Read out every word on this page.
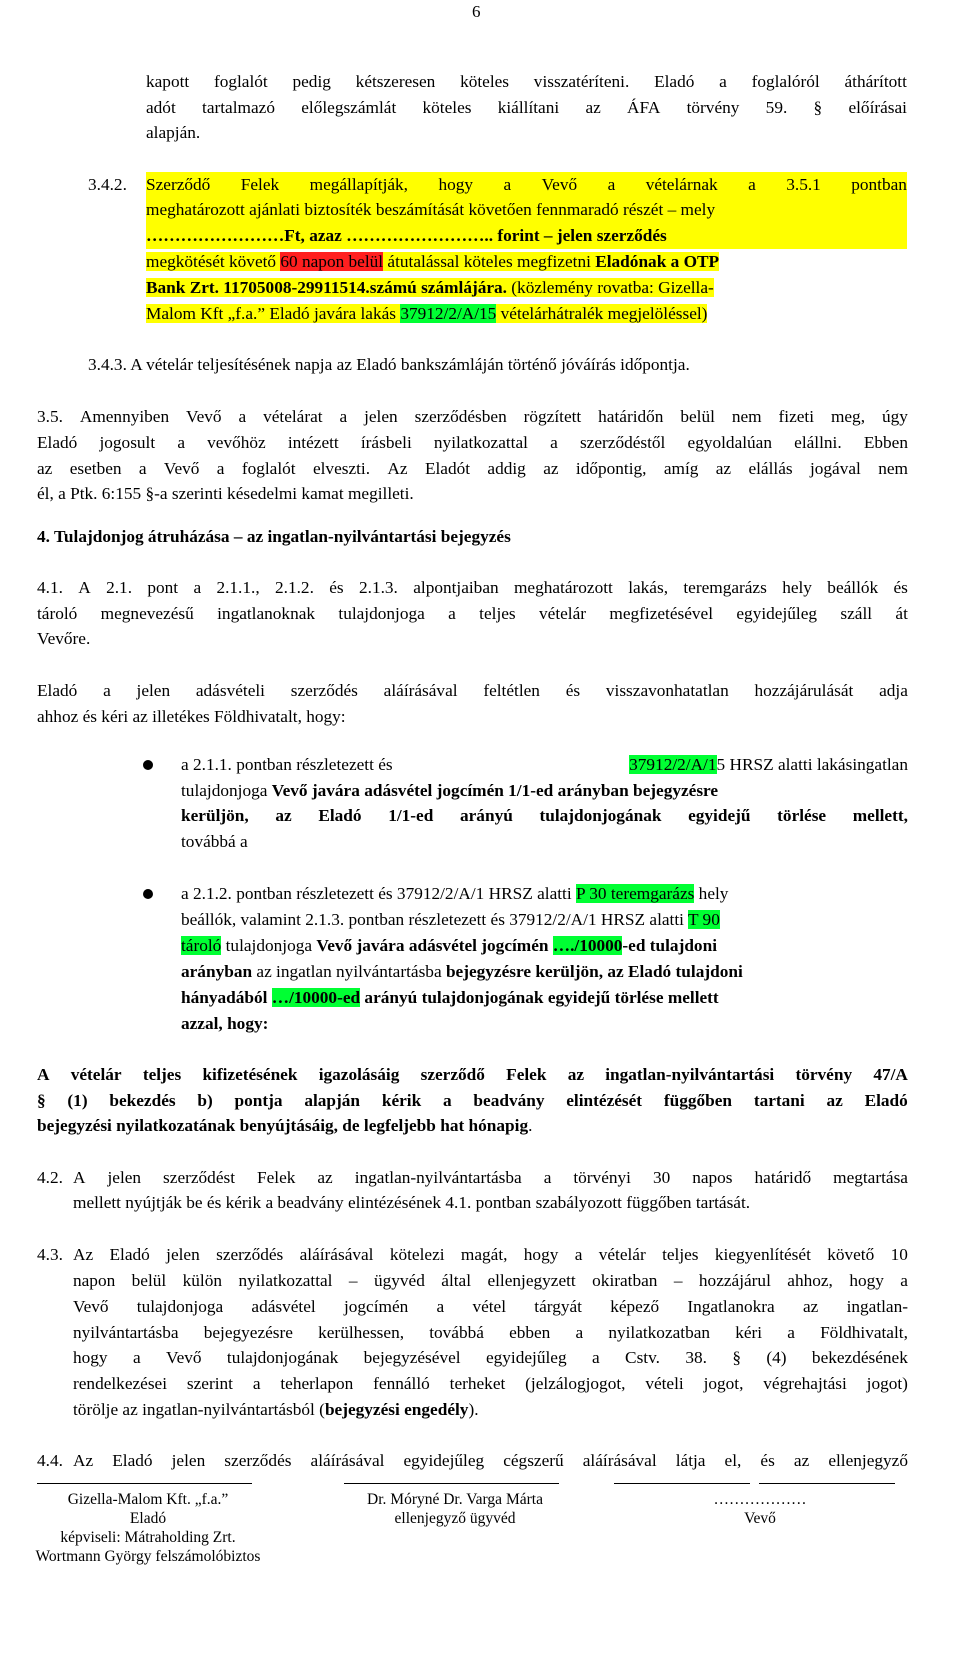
6
kapott foglalót pedig kétszeresen köteles visszatéríteni. Eladó a foglalóról áthárított
adót tartalmazó előlegszámlát köteles kiállítani az ÁFA törvény 59. § előírásai
alapján.
3.4.2. Szerződő Felek megállapítják, hogy a Vevő a vételárnak a 3.5.1 pontban
meghatározott ajánlati biztosíték beszámítását követően fennmaradó részét – mely
……………………Ft, azaz …………………….. forint – jelen szerződés
megkötését követő 60 napon belül átutalással köteles megfizetni Eladónak a OTP
Bank Zrt. 11705008-29911514.számú számlájára. (közlemény rovatba: Gizella-
Malom Kft „f.a.” Eladó javára lakás 37912/2/A/15 vételárhátralék megjelöléssel)
3.4.3. A vételár teljesítésének napja az Eladó bankszámláján történő jóváírás időpontja.
3.5. Amennyiben Vevő a vételárat a jelen szerződésben rögzített határidőn belül nem fizeti meg, úgy
Eladó jogosult a vevőhöz intézett írásbeli nyilatkozattal a szerződéstől egyoldalúan elállni. Ebben
az esetben a Vevő a foglalót elveszti. Az Eladót addig az időpontig, amíg az elállás jogával nem
él, a Ptk. 6:155 §-a szerinti késedelmi kamat megilleti.
4. Tulajdonjog átruházása – az ingatlan-nyilvántartási bejegyzés
4.1. A 2.1. pont a 2.1.1., 2.1.2. és 2.1.3. alpontjaiban meghatározott lakás, teremgarázs hely beállók és
tároló megnevezésű ingatlanoknak tulajdonjoga a teljes vételár megfizetésével egyidejűleg száll át
Vevőre.
Eladó a jelen adásvételi szerződés aláírásával feltétlen és visszavonhatatlan hozzájárulását adja
ahhoz és kéri az illetékes Földhivatalt, hogy:
a 2.1.1. pontban részletezett és	37912/2/A/15 HRSZ alatti lakásingatlan
tulajdonjoga Vevő javára adásvétel jogcímén 1/1-ed arányban bejegyzésre
kerüljön, az Eladó 1/1-ed arányú tulajdonjogának egyidejű törlése mellett,
továbbá a
a 2.1.2. pontban részletezett és 37912/2/A/1 HRSZ alatti P 30 teremgarázs hely
beállók, valamint 2.1.3. pontban részletezett és 37912/2/A/1 HRSZ alatti T 90
tároló tulajdonjoga Vevő javára adásvétel jogcímén …./10000-ed tulajdoni
arányban az ingatlan nyilvántartásba bejegyzésre kerüljön, az Eladó tulajdoni
hányadából …/10000-ed arányú tulajdonjogának egyidejű törlése mellett
azzal, hogy:
A vételár teljes kifizetésének igazolásáig szerződő Felek az ingatlan-nyilvántartási törvény 47/A
§ (1) bekezdés b) pontja alapján kérik a beadvány elintézését függőben tartani az Eladó
bejegyzési nyilatkozatának benyújtásáig, de legfeljebb hat hónapig.
4.2. A jelen szerződést Felek az ingatlan-nyilvántartásba a törvényi 30 napos határidő megtartása
mellett nyújtják be és kérik a beadvány elintézésének 4.1. pontban szabályozott függőben tartását.
4.3. Az Eladó jelen szerződés aláírásával kötelezi magát, hogy a vételár teljes kiegyenlítését követő 10
napon belül külön nyilatkozattal – ügyvéd által ellenjegyzett okiratban – hozzájárul ahhoz, hogy a
Vevő tulajdonjoga adásvétel jogcímén a vétel tárgyát képező Ingatlanokra az ingatlan-
nyilvántartásba bejegyezésre kerülhessen, továbbá ebben a nyilatkozatban kéri a Földhivatalt,
hogy a Vevő tulajdonjogának bejegyzésével egyidejűleg a Cstv. 38. § (4) bekezdésének
rendelkezései szerint a teherlapon fennálló terheket (jelzálogjogot, vételi jogot, végrehajtási jogot)
törölje az ingatlan-nyilvántartásból (bejegyzési engedély).
4.4. Az Eladó jelen szerződés aláírásával egyidejűleg cégszerű aláírásával látja el, és az ellenjegyző
Gizella-Malom Kft. „f.a.”
Eladó
képviseli: Mátraholding Zrt.
Wortmann György felszámolóbiztos
Dr. Móryné Dr. Varga Márta
ellenjegyző ügyvéd
………………
Vevő
